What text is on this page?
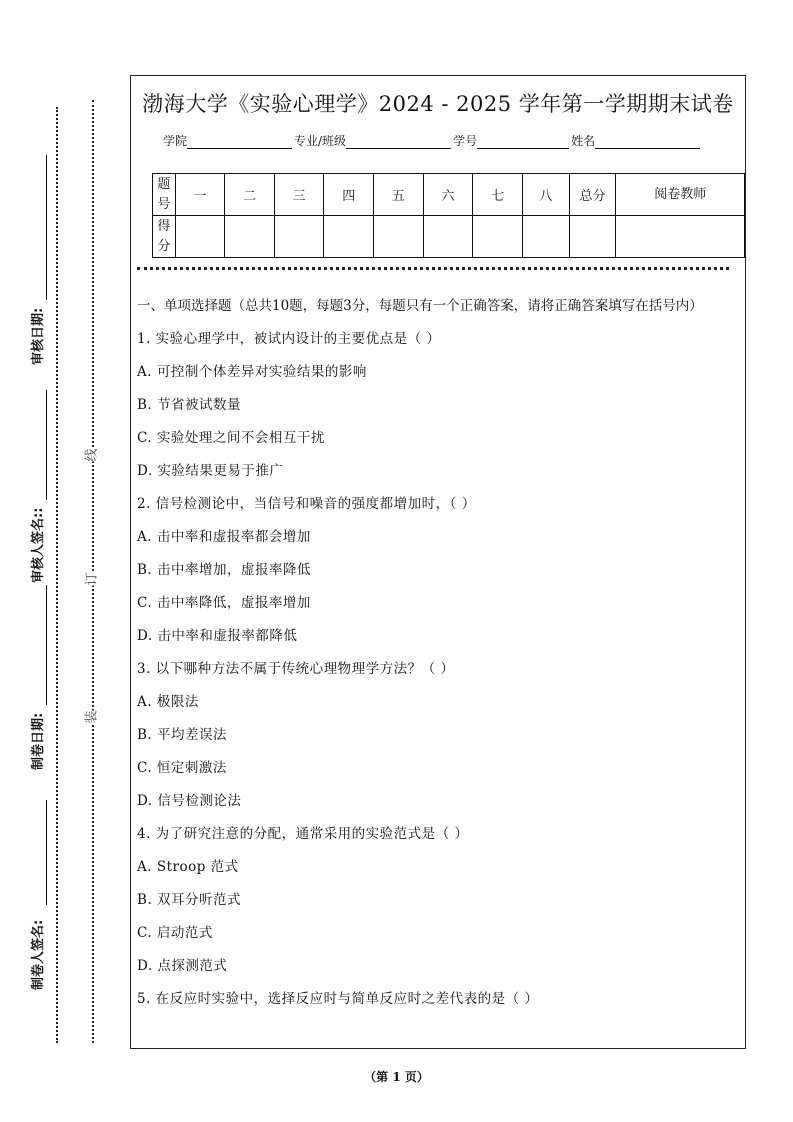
线
订
装
制卷人签名:
制卷日期:
审核人签名::
审核日期:
渤海大学《实验心理学》2024 - 2025 学年第一学期期末试卷
学院	专业/班级	学号	姓名
题号	一	二	三	四	五	六	七	八	总分	阅卷教师
得分										
一、单项选择题（总共10题，每题3分，每题只有一个正确答案，请将正确答案填写在括号内）
1. 实验心理学中，被试内设计的主要优点是（ ）
A. 可控制个体差异对实验结果的影响
B. 节省被试数量
C. 实验处理之间不会相互干扰
D. 实验结果更易于推广
2. 信号检测论中，当信号和噪音的强度都增加时，（ ）
A. 击中率和虚报率都会增加
B. 击中率增加，虚报率降低
C. 击中率降低，虚报率增加
D. 击中率和虚报率都降低
3. 以下哪种方法不属于传统心理物理学方法？（ ）
A. 极限法
B. 平均差误法
C. 恒定刺激法
D. 信号检测论法
4. 为了研究注意的分配，通常采用的实验范式是（ ）
A. Stroop 范式
B. 双耳分听范式
C. 启动范式
D. 点探测范式
5. 在反应时实验中，选择反应时与简单反应时之差代表的是（ ）
（第 1 页）
